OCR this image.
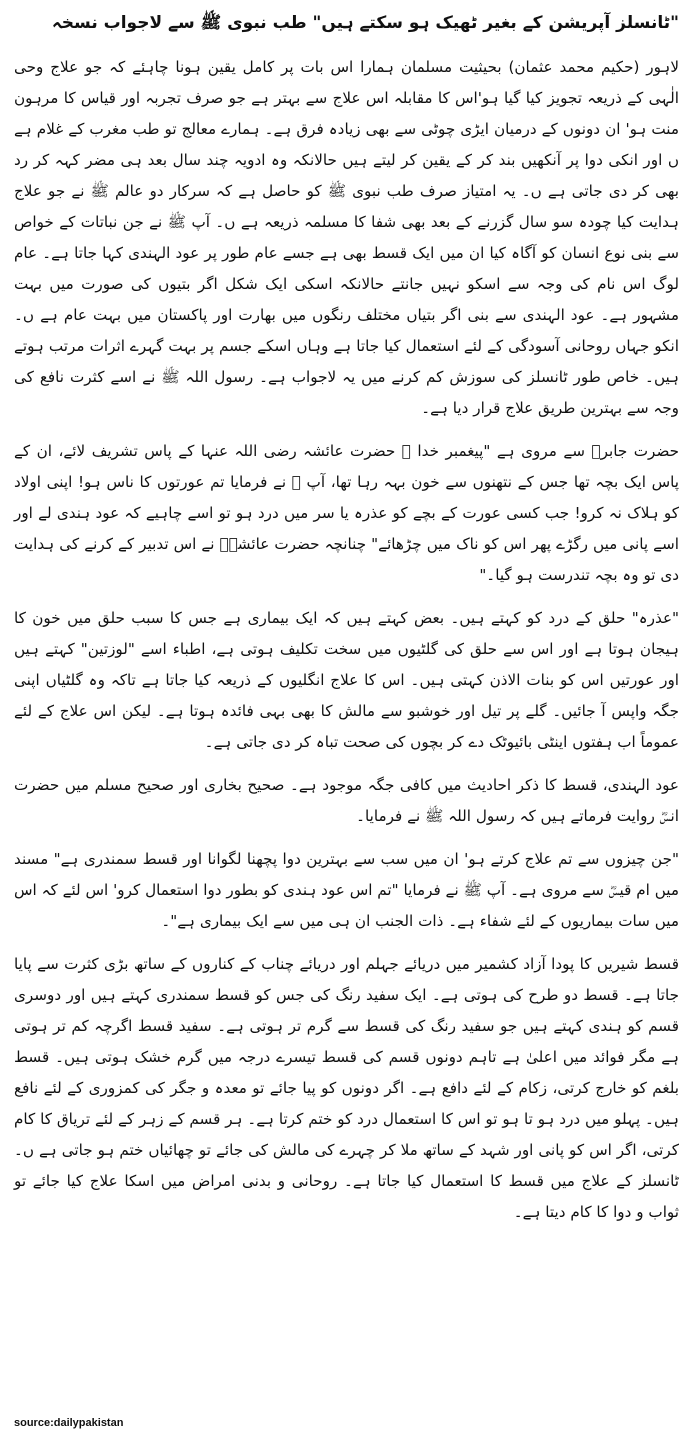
"ٹانسلز آپریشن کے بغیر ٹھیک ہو سکتے ہیں" طب نبوی ﷺ سے لاجواب نسخہ

لاہور (حکیم محمد عثمان) بحیثیت مسلمان ہمارا اس بات پر کامل یقین ہونا چاہئے کہ جو علاج وحی الٰہی کے ذریعہ تجویز کیا گیا ہو'اس کا مقابلہ اس علاج سے بہتر ہے جو صرف تجربہ اور قیاس کا مرہون منت ہو' ان دونوں کے درمیان ایڑی چوٹی سے بھی زیادہ فرق ہے۔ ہمارے معالج تو طب مغرب کے غلام ہے ں اور انکی دوا پر آنکھیں بند کر کے یقین کر لیتے ہیں حالانکہ وہ ادویہ چند سال بعد ہی مضر کہہ کر رد بھی کر دی جاتی ہے ں۔ یہ امتیاز صرف طب نبوی ﷺ کو حاصل ہے کہ سرکار دو عالم ﷺ نے جو علاج ہدایت کیا چودہ سو سال گزرنے کے بعد بھی شفا کا مسلمہ ذریعہ ہے ں۔ آپ ﷺ نے جن نباتات کے خواص سے بنی نوع انسان کو آگاہ کیا ان میں ایک قسط بھی ہے جسے عام طور پر عود الہندی کہا جاتا ہے۔ عام لوگ اس نام کی وجہ سے اسکو نہیں جانتے حالانکہ اسکی ایک شکل اگر بتیوں کی صورت میں بہت مشہور ہے۔ عود الہندی سے بنی اگر بتیاں مختلف رنگوں میں بھارت اور پاکستان میں بہت عام ہے ں۔ انکو جہاں روحانی آسودگی کے لئے استعمال کیا جاتا ہے وہاں اسکے جسم پر بہت گہرے اثرات مرتب ہوتے ہیں۔ خاص طور ٹانسلز کی سوزش کم کرنے میں یہ لاجواب ہے۔ رسول اللہ ﷺ نے اسے کثرت نافع کی وجہ سے بہترین طریق علاج قرار دیا ہے۔

حضرت جابرؓ سے مروی ہے "پیغمبر خدا ﷺ حضرت عائشہ رضی اللہ عنہا کے پاس تشریف لائے، ان کے پاس ایک بچہ تھا جس کے نتھنوں سے خون بہہ رہا تھا، آپ ﷺ نے فرمایا تم عورتوں کا ناس ہو! اپنی اولاد کو ہلاک نہ کرو! جب کسی عورت کے بچے کو عذرہ یا سر میں درد ہو تو اسے چاہیے کہ عود ہندی لے اور اسے پانی میں رگڑے پھر اس کو ناک میں چڑھائے" چنانچہ حضرت عائشہؓ نے اس تدبیر کے کرنے کی ہدایت دی تو وہ بچہ تندرست ہو گیا۔"

"عذرہ" حلق کے درد کو کہتے ہیں۔ بعض کہتے ہیں کہ ایک بیماری ہے جس کا سبب حلق میں خون کا ہیجان ہوتا ہے اور اس سے حلق کی گلٹیوں میں سخت تکلیف ہوتی ہے، اطباء اسے "لوزتین" کہتے ہیں اور عورتیں اس کو بنات الاذن کہتی ہیں۔ اس کا علاج انگلیوں کے ذریعہ کیا جاتا ہے تاکہ وہ گلٹیاں اپنی جگہ واپس آ جائیں۔ گلے پر تیل اور خوشبو سے مالش کا بھی بہی فائدہ ہوتا ہے۔ لیکن اس علاج کے لئے عموماً اب ہفتوں اینٹی بائیوٹک دے کر بچوں کی صحت تباہ کر دی جاتی ہے۔

عود الہندی، قسط کا ذکر احادیث میں کافی جگہ موجود ہے۔ صحیح بخاری اور صحیح مسلم میں حضرت انسؓ روایت فرماتے ہیں کہ رسول اللہ ﷺ نے فرمایا۔

"جن چیزوں سے تم علاج کرتے ہو' ان میں سب سے بہترین دوا پچھنا لگوانا اور قسط سمندری ہے" مسند میں ام قیسؓ سے مروی ہے۔ آپ ﷺ نے فرمایا "تم اس عود ہندی کو بطور دوا استعمال کرو' اس لئے کہ اس میں سات بیماریوں کے لئے شفاء ہے۔ ذات الجنب ان ہی میں سے ایک بیماری ہے"۔

قسط شیریں کا پودا آزاد کشمیر میں دریائے جہلم اور دریائے چناب کے کناروں کے ساتھ بڑی کثرت سے پایا جاتا ہے۔ قسط دو طرح کی ہوتی ہے۔ ایک سفید رنگ کی جس کو قسط سمندری کہتے ہیں اور دوسری قسم کو ہندی کہتے ہیں جو سفید رنگ کی قسط سے گرم تر ہوتی ہے۔ سفید قسط اگرچہ کم تر ہوتی ہے مگر فوائد میں اعلیٰ ہے تاہم دونوں قسم کی قسط تیسرے درجہ میں گرم خشک ہوتی ہیں۔ قسط بلغم کو خارج کرتی، زکام کے لئے دافع ہے۔ اگر دونوں کو پیا جائے تو معدہ و جگر کی کمزوری کے لئے نافع ہیں۔ پہلو میں درد ہو تا ہو تو اس کا استعمال درد کو ختم کرتا ہے۔ ہر قسم کے زہر کے لئے تریاق کا کام کرتی، اگر اس کو پانی اور شہد کے ساتھ ملا کر چہرے کی مالش کی جائے تو چھائیاں ختم ہو جاتی ہے ں۔ ٹانسلز کے علاج میں قسط کا استعمال کیا جاتا ہے۔ روحانی و بدنی امراض میں اسکا علاج کیا جائے تو ثواب و دوا کا کام دیتا ہے۔

source:dailypakistan
